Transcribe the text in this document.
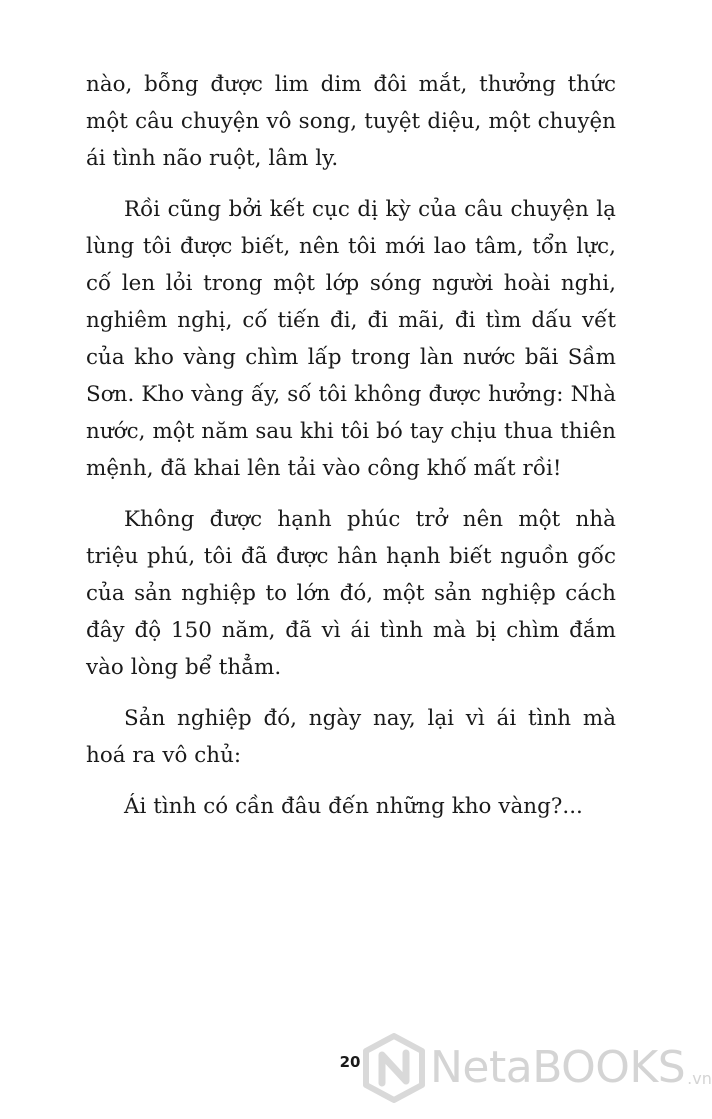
nào, bỗng được lim dim đôi mắt, thưởng thức một câu chuyện vô song, tuyệt diệu, một chuyện ái tình não ruột, lâm ly.

Rồi cũng bởi kết cục dị kỳ của câu chuyện lạ lùng tôi được biết, nên tôi mới lao tâm, tổn lực, cố len lỏi trong một lớp sóng người hoài nghi, nghiêm nghị, cố tiến đi, đi mãi, đi tìm dấu vết của kho vàng chìm lấp trong làn nước bãi Sầm Sơn. Kho vàng ấy, số tôi không được hưởng: Nhà nước, một năm sau khi tôi bó tay chịu thua thiên mệnh, đã khai lên tải vào công khố mất rồi!

Không được hạnh phúc trở nên một nhà triệu phú, tôi đã được hân hạnh biết nguồn gốc của sản nghiệp to lớn đó, một sản nghiệp cách đây độ 150 năm, đã vì ái tình mà bị chìm đắm vào lòng bể thẳm.

Sản nghiệp đó, ngày nay, lại vì ái tình mà hoá ra vô chủ:

Ái tình có cần đâu đến những kho vàng?...

20 NetaBOOKS .vn
